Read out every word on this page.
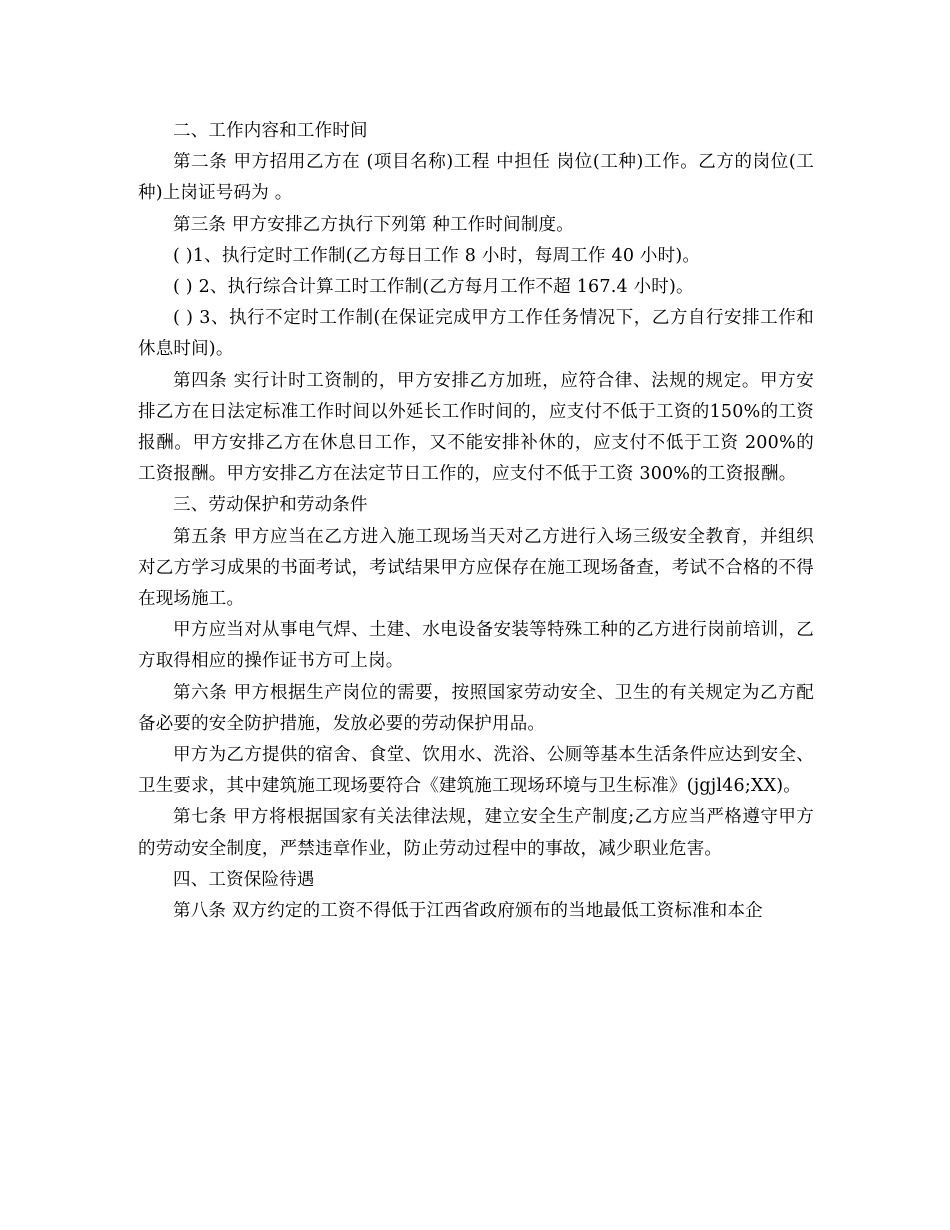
二、工作内容和工作时间

第二条 甲方招用乙方在 (项目名称)工程 中担任 岗位(工种)工作。乙方的岗位(工种)上岗证号码为 。

第三条 甲方安排乙方执行下列第 种工作时间制度。

( )1、执行定时工作制(乙方每日工作 8 小时，每周工作 40 小时)。

( ) 2、执行综合计算工时工作制(乙方每月工作不超 167.4 小时)。

( ) 3、执行不定时工作制(在保证完成甲方工作任务情况下，乙方自行安排工作和休息时间)。

第四条 实行计时工资制的，甲方安排乙方加班，应符合律、法规的规定。甲方安排乙方在日法定标准工作时间以外延长工作时间的，应支付不低于工资的150%的工资报酬。甲方安排乙方在休息日工作，又不能安排补休的，应支付不低于工资 200%的工资报酬。甲方安排乙方在法定节日工作的，应支付不低于工资 300%的工资报酬。

三、劳动保护和劳动条件

第五条 甲方应当在乙方进入施工现场当天对乙方进行入场三级安全教育，并组织对乙方学习成果的书面考试，考试结果甲方应保存在施工现场备查，考试不合格的不得在现场施工。

甲方应当对从事电气焊、土建、水电设备安装等特殊工种的乙方进行岗前培训，乙方取得相应的操作证书方可上岗。

第六条 甲方根据生产岗位的需要，按照国家劳动安全、卫生的有关规定为乙方配备必要的安全防护措施，发放必要的劳动保护用品。

甲方为乙方提供的宿舍、食堂、饮用水、洗浴、公厕等基本生活条件应达到安全、卫生要求，其中建筑施工现场要符合《建筑施工现场环境与卫生标准》(jgjl46;XX)。

第七条 甲方将根据国家有关法律法规，建立安全生产制度;乙方应当严格遵守甲方的劳动安全制度，严禁违章作业，防止劳动过程中的事故，减少职业危害。

四、工资保险待遇

第八条 双方约定的工资不得低于江西省政府颁布的当地最低工资标准和本企
